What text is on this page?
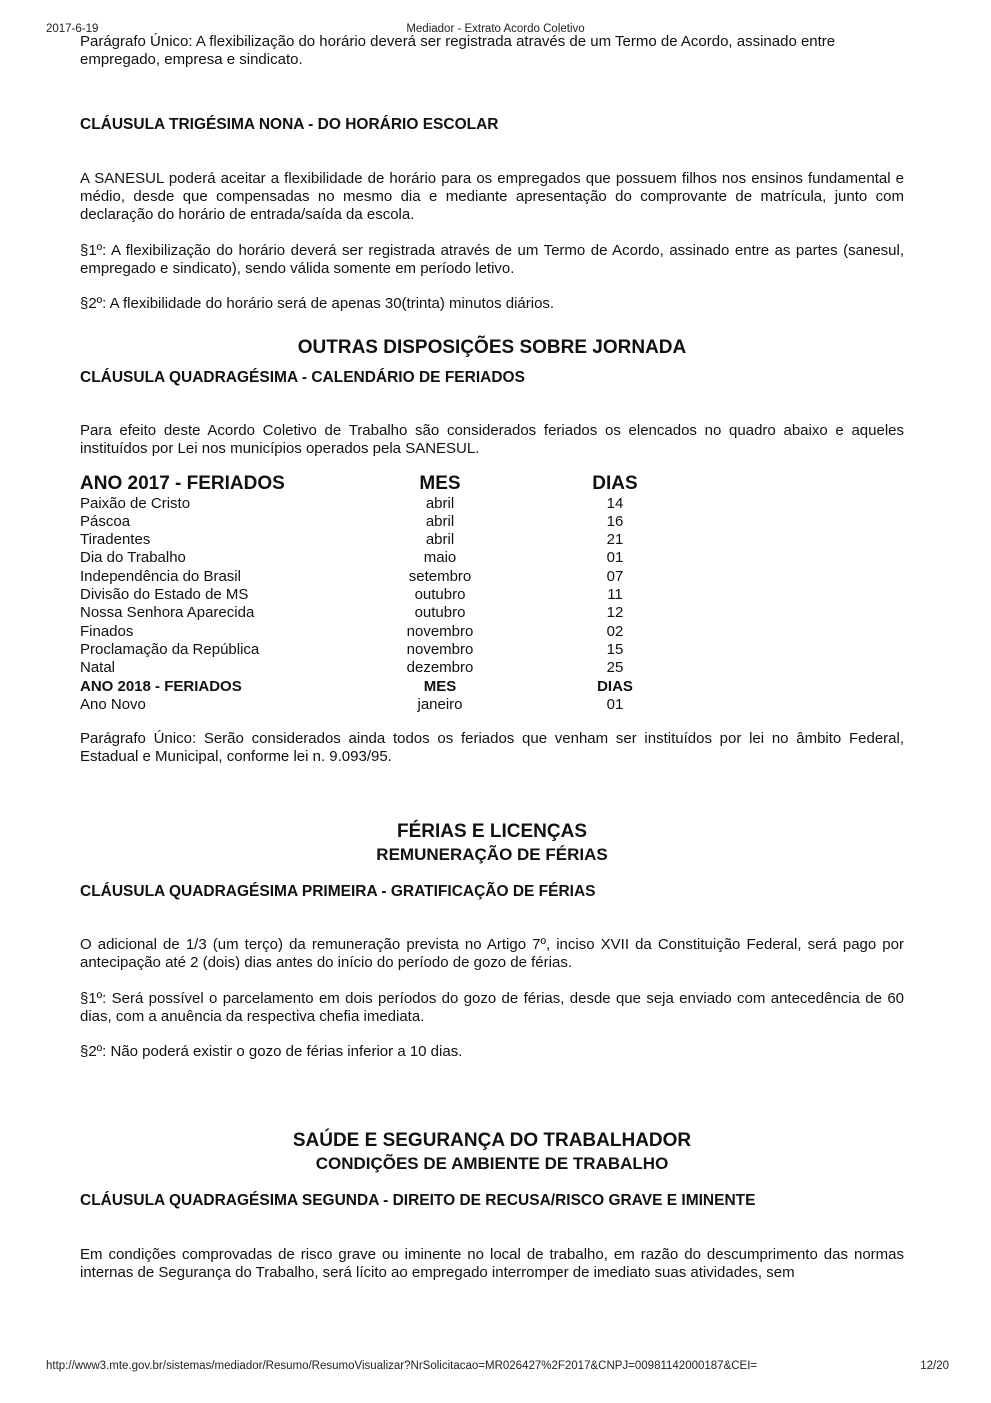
2017-6-19	Mediador - Extrato Acordo Coletivo

Parágrafo Único: A flexibilização do horário deverá ser registrada através de um Termo de Acordo, assinado entre
empregado, empresa e sindicato.

CLÁUSULA TRIGÉSIMA NONA - DO HORÁRIO ESCOLAR

A SANESUL poderá aceitar a flexibilidade de horário para os empregados que possuem filhos nos ensinos fundamental e médio, desde que compensadas no mesmo dia e mediante apresentação do comprovante de matrícula, junto com declaração do horário de entrada/saída da escola.

§1º: A flexibilização do horário deverá ser registrada através de um Termo de Acordo, assinado entre as partes (sanesul, empregado e sindicato), sendo válida somente em período letivo.

§2º: A flexibilidade do horário será de apenas 30(trinta) minutos diários.

OUTRAS DISPOSIÇÕES SOBRE JORNADA
CLÁUSULA QUADRAGÉSIMA - CALENDÁRIO DE FERIADOS

Para efeito deste Acordo Coletivo de Trabalho são considerados feriados os elencados no quadro abaixo e aqueles instituídos por Lei nos municípios operados pela SANESUL.

ANO 2017 - FERIADOS	MES	DIAS
Paixão de Cristo	abril	14
Páscoa	abril	16
Tiradentes	abril	21
Dia do Trabalho	maio	01
Independência do Brasil	setembro	07
Divisão do Estado de MS	outubro	11
Nossa Senhora Aparecida	outubro	12
Finados	novembro	02
Proclamação da República	novembro	15
Natal	dezembro	25
ANO 2018 - FERIADOS	MES	DIAS
Ano Novo	janeiro	01

Parágrafo Único: Serão considerados ainda todos os feriados que venham ser instituídos por lei no âmbito Federal, Estadual e Municipal, conforme lei n. 9.093/95.

FÉRIAS E LICENÇAS
REMUNERAÇÃO DE FÉRIAS
CLÁUSULA QUADRAGÉSIMA PRIMEIRA - GRATIFICAÇÃO DE FÉRIAS

O adicional de 1/3 (um terço) da remuneração prevista no Artigo 7º, inciso XVII da Constituição Federal, será pago por antecipação até 2 (dois) dias antes do início do período de gozo de férias.

§1º: Será possível o parcelamento em dois períodos do gozo de férias, desde que seja enviado com antecedência de 60 dias, com a anuência da respectiva chefia imediata.

§2º: Não poderá existir o gozo de férias inferior a 10 dias.

SAÚDE E SEGURANÇA DO TRABALHADOR
CONDIÇÕES DE AMBIENTE DE TRABALHO
CLÁUSULA QUADRAGÉSIMA SEGUNDA - DIREITO DE RECUSA/RISCO GRAVE E IMINENTE

Em condições comprovadas de risco grave ou iminente no local de trabalho, em razão do descumprimento das normas internas de Segurança do Trabalho, será lícito ao empregado interromper de imediato suas atividades, sem

http://www3.mte.gov.br/sistemas/mediador/Resumo/ResumoVisualizar?NrSolicitacao=MR026427%2F2017&CNPJ=00981142000187&CEI=	12/20
